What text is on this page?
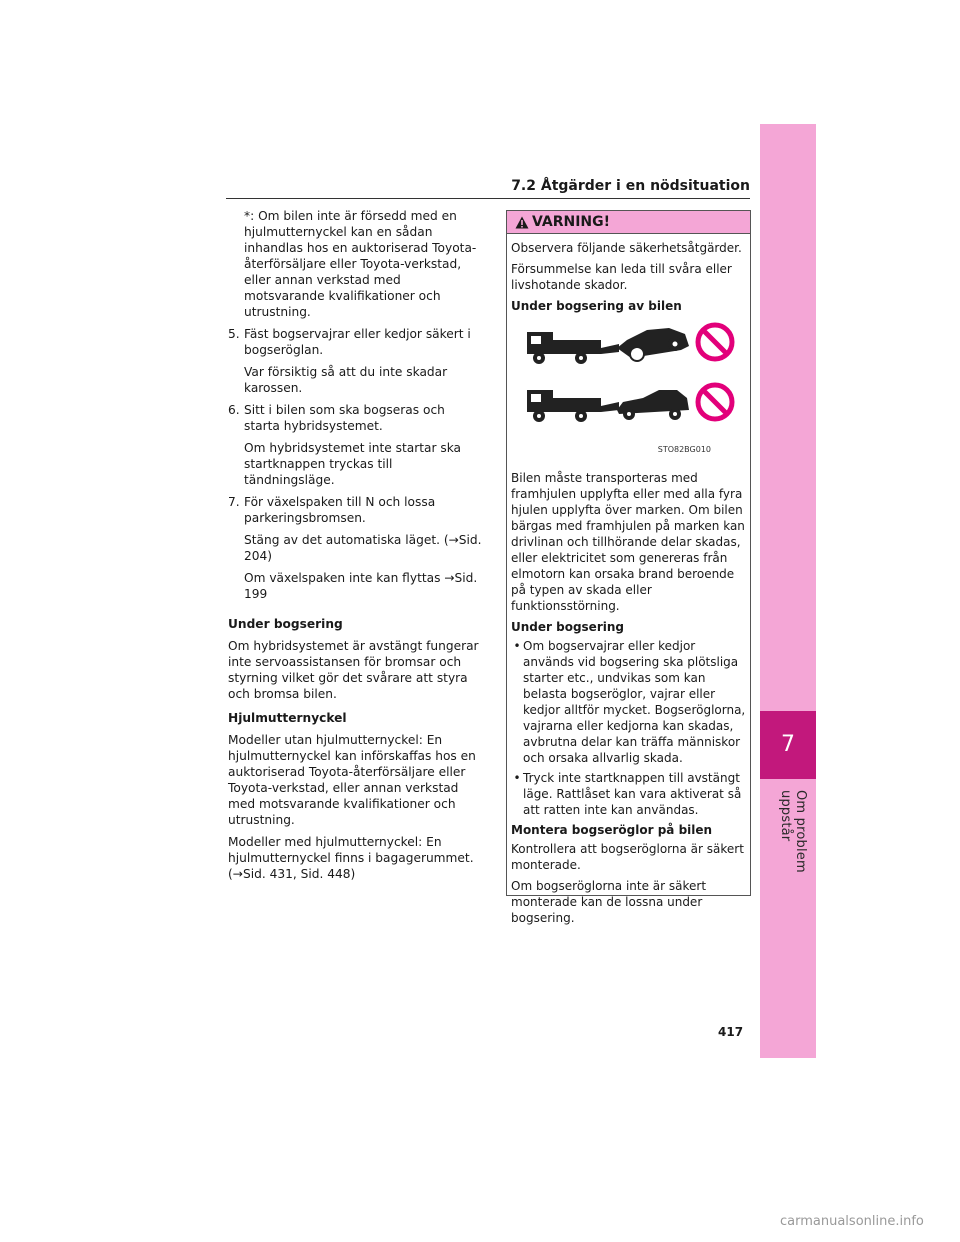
7
Om problem uppstår
7.2 Åtgärder i en nödsituation

*: Om bilen inte är försedd med en hjulmutternyckel kan en sådan inhandlas hos en auktoriserad Toyota-återförsäljare eller Toyota-verkstad, eller annan verkstad med motsvarande kvalifikationer och utrustning.

5. Fäst bogservajrar eller kedjor säkert i bogseröglan.

Var försiktig så att du inte skadar karossen.

6. Sitt i bilen som ska bogseras och starta hybridsystemet.

Om hybridsystemet inte startar ska startknappen tryckas till tändningsläge.

7. För växelspaken till N och lossa parkeringsbromsen.

Stäng av det automatiska läget. (→Sid. 204)

Om växelspaken inte kan flyttas →Sid. 199

Under bogsering

Om hybridsystemet är avstängt fungerar inte servoassistansen för bromsar och styrning vilket gör det svårare att styra och bromsa bilen.

Hjulmutternyckel

Modeller utan hjulmutternyckel: En hjulmutternyckel kan införskaffas hos en auktoriserad Toyota-återförsäljare eller Toyota-verkstad, eller annan verkstad med motsvarande kvalifikationer och utrustning.

Modeller med hjulmutternyckel: En hjulmutternyckel finns i bagagerummet. (→Sid. 431, Sid. 448)

VARNING!

Observera följande säkerhetsåtgärder.

Försummelse kan leda till svåra eller livshotande skador.

Under bogsering av bilen

STO82BG010

Bilen måste transporteras med framhjulen upplyfta eller med alla fyra hjulen upplyfta över marken. Om bilen bärgas med framhjulen på marken kan drivlinan och tillhörande delar skadas, eller elektricitet som genereras från elmotorn kan orsaka brand beroende på typen av skada eller funktionsstörning.

Under bogsering

• Om bogservajrar eller kedjor används vid bogsering ska plötsliga starter etc., undvikas som kan belasta bogseröglor, vajrar eller kedjor alltför mycket. Bogseröglorna, vajrarna eller kedjorna kan skadas, avbrutna delar kan träffa människor och orsaka allvarlig skada.
• Tryck inte startknappen till avstängt läge. Rattlåset kan vara aktiverat så att ratten inte kan användas.

Montera bogseröglor på bilen

Kontrollera att bogseröglorna är säkert monterade.

Om bogseröglorna inte är säkert monterade kan de lossna under bogsering.

417
carmanualsonline.info
